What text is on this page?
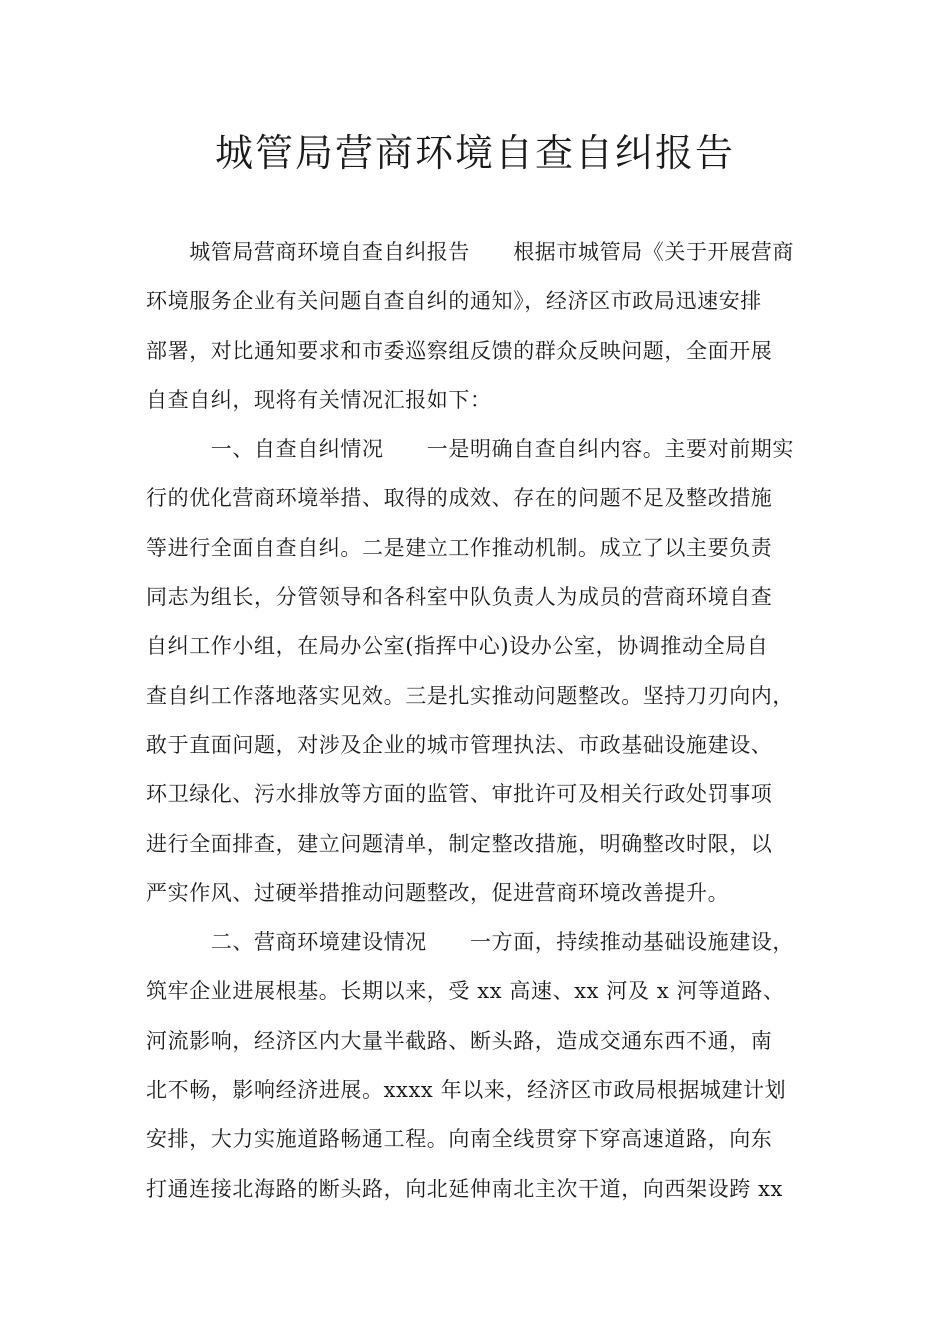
城管局营商环境自查自纠报告
　　城管局营商环境自查自纠报告　　根据市城管局《关于开展营商
环境服务企业有关问题自查自纠的通知》，经济区市政局迅速安排
部署，对比通知要求和市委巡察组反馈的群众反映问题，全面开展
自查自纠，现将有关情况汇报如下：
　　　一、自查自纠情况　　一是明确自查自纠内容。主要对前期实
行的优化营商环境举措、取得的成效、存在的问题不足及整改措施
等进行全面自查自纠。二是建立工作推动机制。成立了以主要负责
同志为组长，分管领导和各科室中队负责人为成员的营商环境自查
自纠工作小组，在局办公室(指挥中心)设办公室，协调推动全局自
查自纠工作落地落实见效。三是扎实推动问题整改。坚持刀刃向内，
敢于直面问题，对涉及企业的城市管理执法、市政基础设施建设、
环卫绿化、污水排放等方面的监管、审批许可及相关行政处罚事项
进行全面排查，建立问题清单，制定整改措施，明确整改时限，以
严实作风、过硬举措推动问题整改，促进营商环境改善提升。
　　　二、营商环境建设情况　　一方面，持续推动基础设施建设，
筑牢企业进展根基。长期以来，受 xx 高速、xx 河及 x 河等道路、
河流影响，经济区内大量半截路、断头路，造成交通东西不通，南
北不畅，影响经济进展。xxxx 年以来，经济区市政局根据城建计划
安排，大力实施道路畅通工程。向南全线贯穿下穿高速道路，向东
打通连接北海路的断头路，向北延伸南北主次干道，向西架设跨 xx
